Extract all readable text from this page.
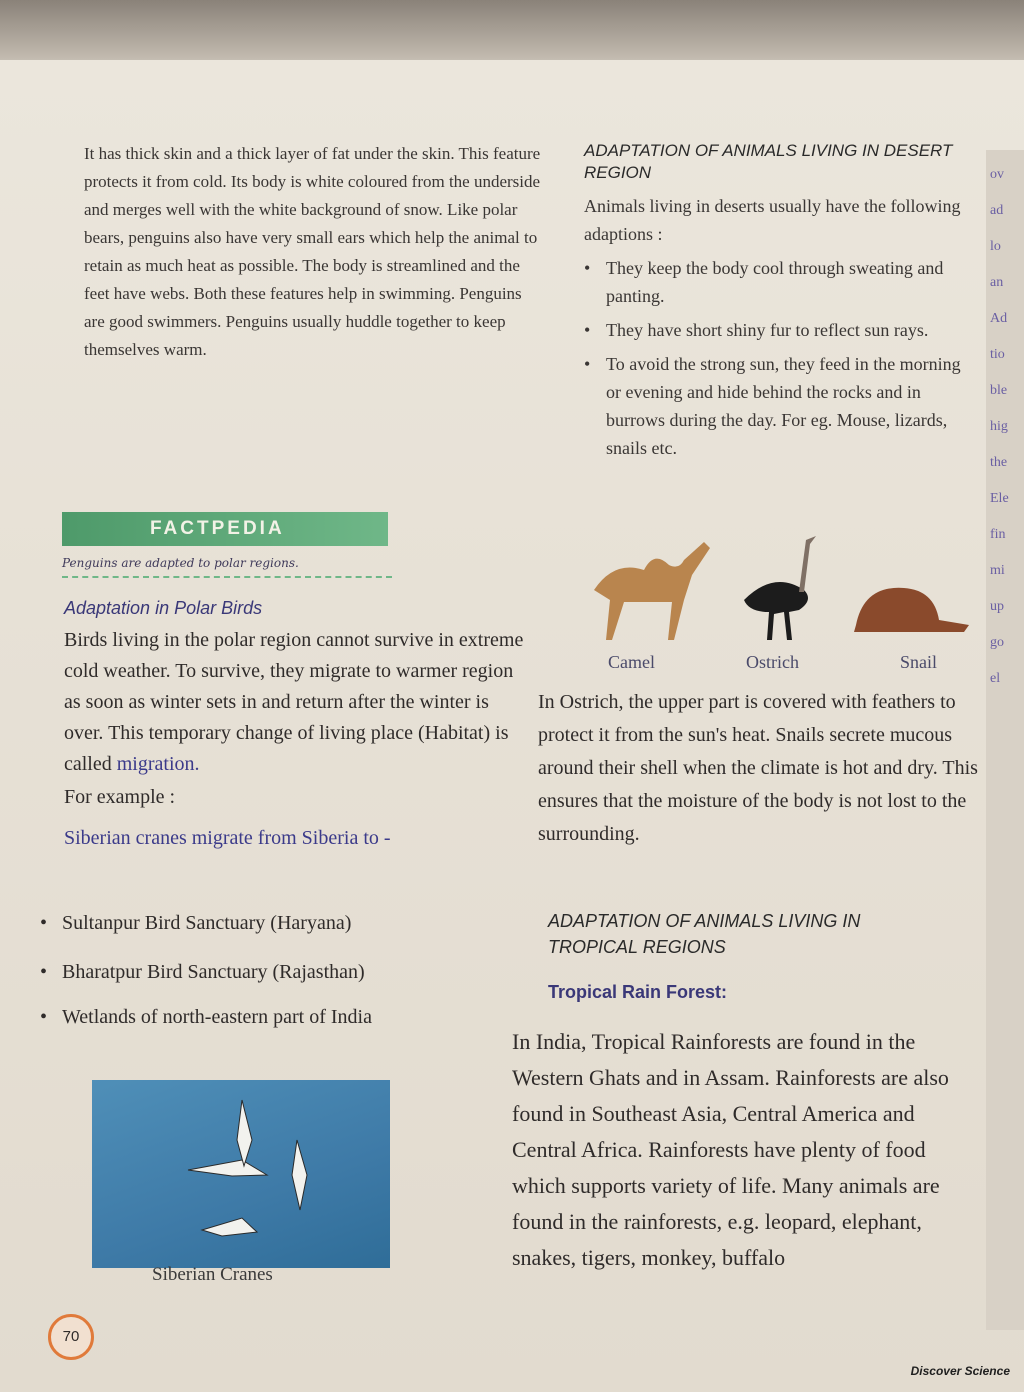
ov
ad
lo
an
Ad
tio
ble
hig
the
Ele
fin
mi
up
go
el

It has thick skin and a thick layer of fat under the skin. This feature protects it from cold. Its body is white coloured from the underside and merges well with the white background of snow. Like polar bears, penguins also have very small ears which help the animal to retain as much heat as possible. The body is streamlined and the feet have webs. Both these features help in swimming. Penguins are good swimmers. Penguins usually huddle together to keep themselves warm.

FACTPEDIA
Penguins are adapted to polar regions.

Adaptation in Polar Birds

Birds living in the polar region cannot survive in extreme cold weather. To survive, they migrate to warmer region as soon as winter sets in and return after the winter is over. This temporary change of living place (Habitat) is called migration.

For example :

Siberian cranes migrate from Siberia to -

• Sultanpur Bird Sanctuary (Haryana)

• Bharatpur Bird Sanctuary (Rajasthan)

• Wetlands of north-eastern part of India

Siberian Cranes
70

ADAPTATION OF ANIMALS LIVING IN DESERT REGION

Animals living in deserts usually have the following adaptions :

• They keep the body cool through sweating and panting.

• They have short shiny fur to reflect sun rays.

• To avoid the strong sun, they feed in the morning or evening and hide behind the rocks and in burrows during the day. For eg. Mouse, lizards, snails etc.

Camel	Ostrich	Snail

In Ostrich, the upper part is covered with feathers to protect it from the sun's heat. Snails secrete mucous around their shell when the climate is hot and dry. This ensures that the moisture of the body is not lost to the surrounding.

ADAPTATION OF ANIMALS LIVING IN TROPICAL REGIONS

Tropical Rain Forest:

In India, Tropical Rainforests are found in the Western Ghats and in Assam. Rainforests are also found in Southeast Asia, Central America and Central Africa. Rainforests have plenty of food which supports variety of life. Many animals are found in the rainforests, e.g. leopard, elephant, snakes, tigers, monkey, buffalo

Discover Science
